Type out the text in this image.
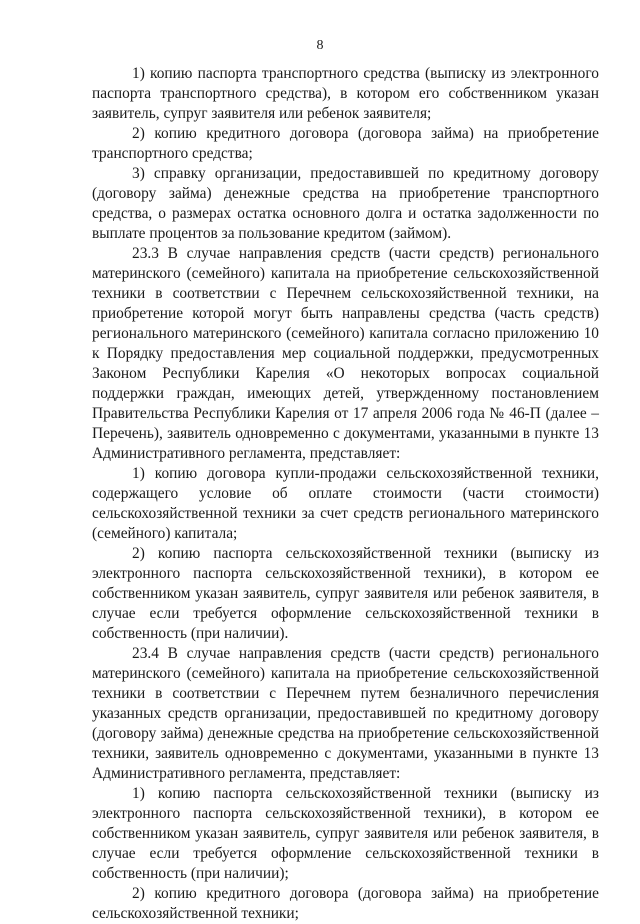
8

1) копию паспорта транспортного средства (выписку из электронного паспорта транспортного средства), в котором его собственником указан заявитель, супруг заявителя или ребенок заявителя;

2) копию кредитного договора (договора займа) на приобретение транспортного средства;

3) справку организации, предоставившей по кредитному договору (договору займа) денежные средства на приобретение транспортного средства, о размерах остатка основного долга и остатка задолженности по выплате процентов за пользование кредитом (займом).

23.3 В случае направления средств (части средств) регионального материнского (семейного) капитала на приобретение сельскохозяйственной техники в соответствии с Перечнем сельскохозяйственной техники, на приобретение которой могут быть направлены средства (часть средств) регионального материнского (семейного) капитала согласно приложению 10 к Порядку предоставления мер социальной поддержки, предусмотренных Законом Республики Карелия «О некоторых вопросах социальной поддержки граждан, имеющих детей, утвержденному постановлением Правительства Республики Карелия от 17 апреля 2006 года № 46-П (далее – Перечень), заявитель одновременно с документами, указанными в пункте 13 Административного регламента, представляет:

1) копию договора купли-продажи сельскохозяйственной техники, содержащего условие об оплате стоимости (части стоимости) сельскохозяйственной техники за счет средств регионального материнского (семейного) капитала;

2) копию паспорта сельскохозяйственной техники (выписку из электронного паспорта сельскохозяйственной техники), в котором ее собственником указан заявитель, супруг заявителя или ребенок заявителя, в случае если требуется оформление сельскохозяйственной техники в собственность (при наличии).

23.4 В случае направления средств (части средств) регионального материнского (семейного) капитала на приобретение сельскохозяйственной техники в соответствии с Перечнем путем безналичного перечисления указанных средств организации, предоставившей по кредитному договору (договору займа) денежные средства на приобретение сельскохозяйственной техники, заявитель одновременно с документами, указанными в пункте 13 Административного регламента, представляет:

1) копию паспорта сельскохозяйственной техники (выписку из электронного паспорта сельскохозяйственной техники), в котором ее собственником указан заявитель, супруг заявителя или ребенок заявителя, в случае если требуется оформление сельскохозяйственной техники в собственность (при наличии);

2) копию кредитного договора (договора займа) на приобретение сельскохозяйственной техники;
